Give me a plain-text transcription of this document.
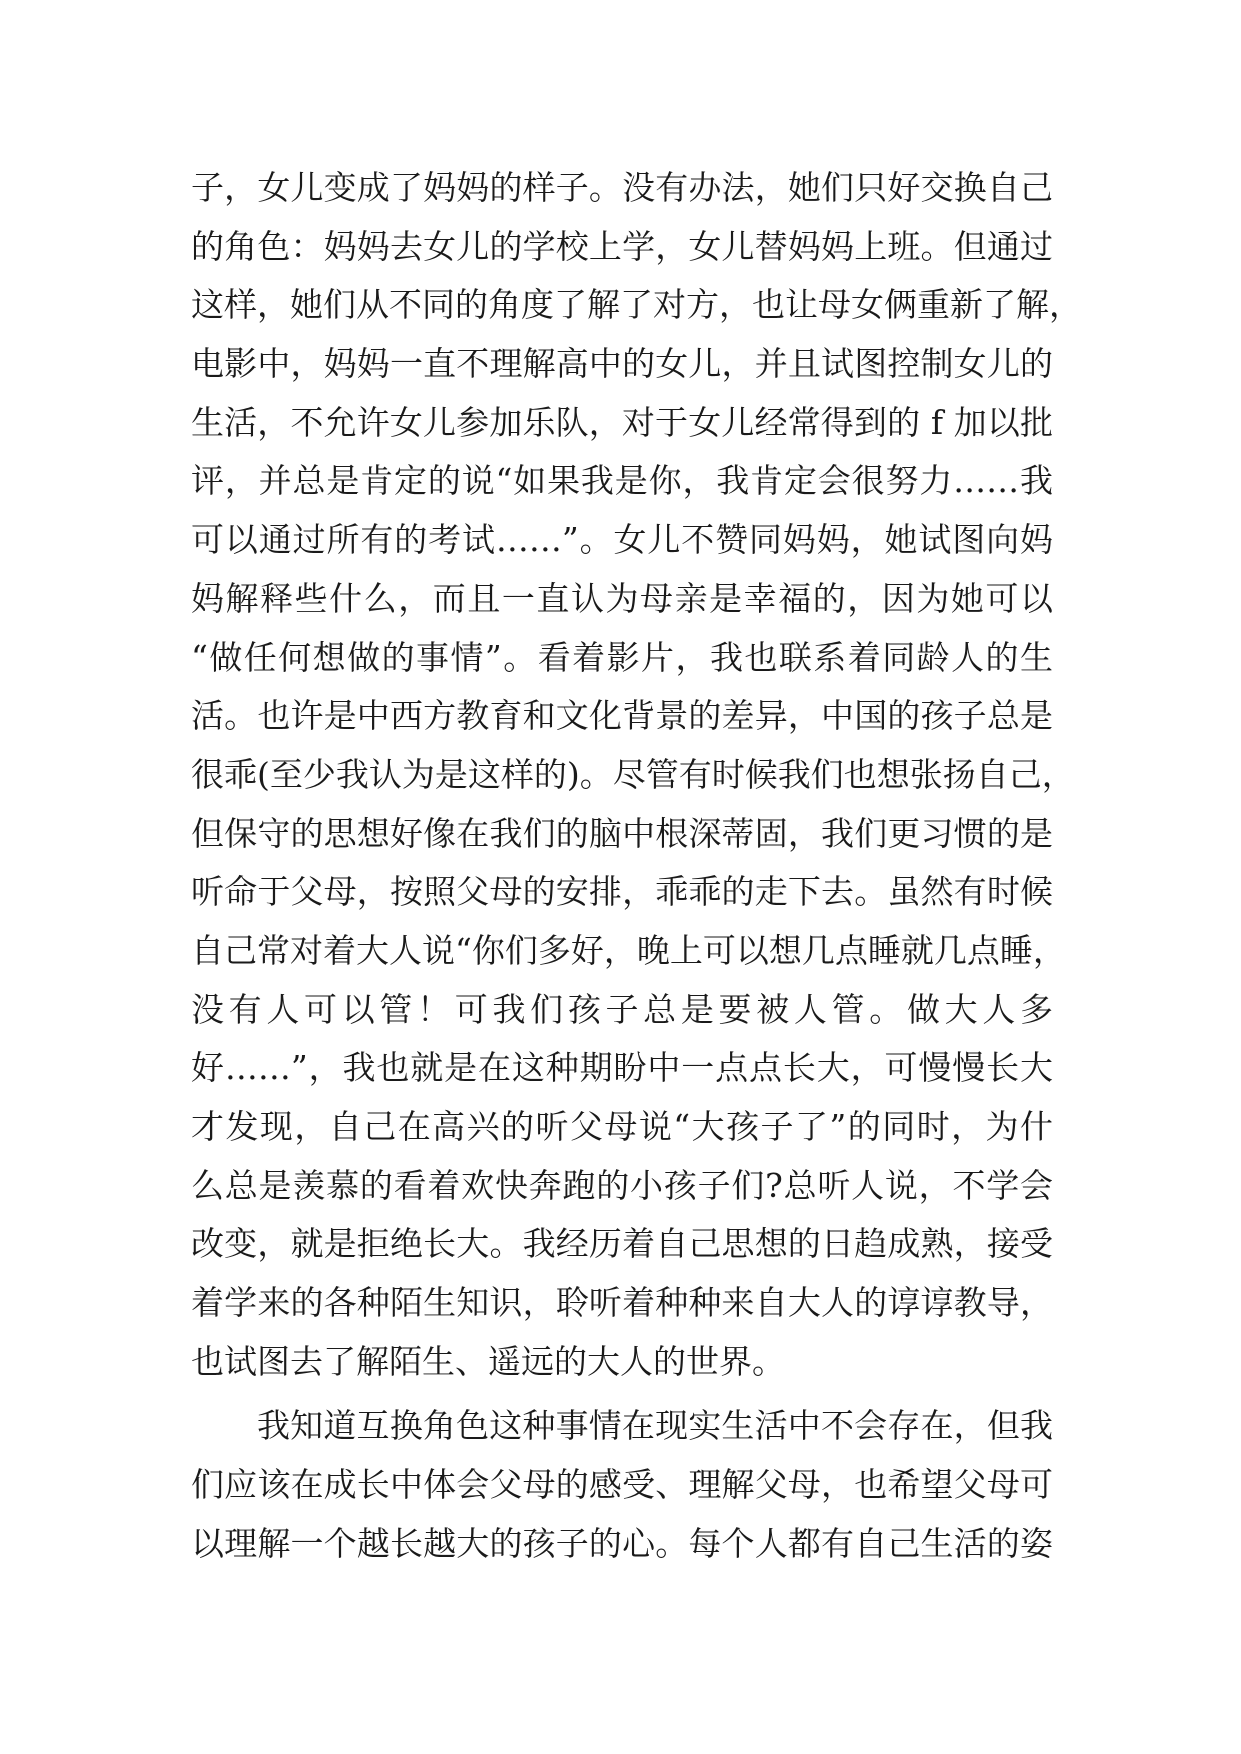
子，女儿变成了妈妈的样子。没有办法，她们只好交换自己
的角色：妈妈去女儿的学校上学，女儿替妈妈上班。但通过
这样，她们从不同的角度了解了对方，也让母女俩重新了解，
电影中，妈妈一直不理解高中的女儿，并且试图控制女儿的
生活，不允许女儿参加乐队，对于女儿经常得到的 f 加以批
评，并总是肯定的说“如果我是你，我肯定会很努力……我
可以通过所有的考试……”。女儿不赞同妈妈，她试图向妈
妈解释些什么，而且一直认为母亲是幸福的，因为她可以
“做任何想做的事情”。看着影片，我也联系着同龄人的生
活。也许是中西方教育和文化背景的差异，中国的孩子总是
很乖(至少我认为是这样的)。尽管有时候我们也想张扬自己，
但保守的思想好像在我们的脑中根深蒂固，我们更习惯的是
听命于父母，按照父母的安排，乖乖的走下去。虽然有时候
自己常对着大人说“你们多好，晚上可以想几点睡就几点睡，
没有人可以管！可我们孩子总是要被人管。做大人多
好……”，我也就是在这种期盼中一点点长大，可慢慢长大
才发现，自己在高兴的听父母说“大孩子了”的同时，为什
么总是羡慕的看着欢快奔跑的小孩子们?总听人说，不学会
改变，就是拒绝长大。我经历着自己思想的日趋成熟，接受
着学来的各种陌生知识，聆听着种种来自大人的谆谆教导，
也试图去了解陌生、遥远的大人的世界。
我知道互换角色这种事情在现实生活中不会存在，但我
们应该在成长中体会父母的感受、理解父母，也希望父母可
以理解一个越长越大的孩子的心。每个人都有自己生活的姿
